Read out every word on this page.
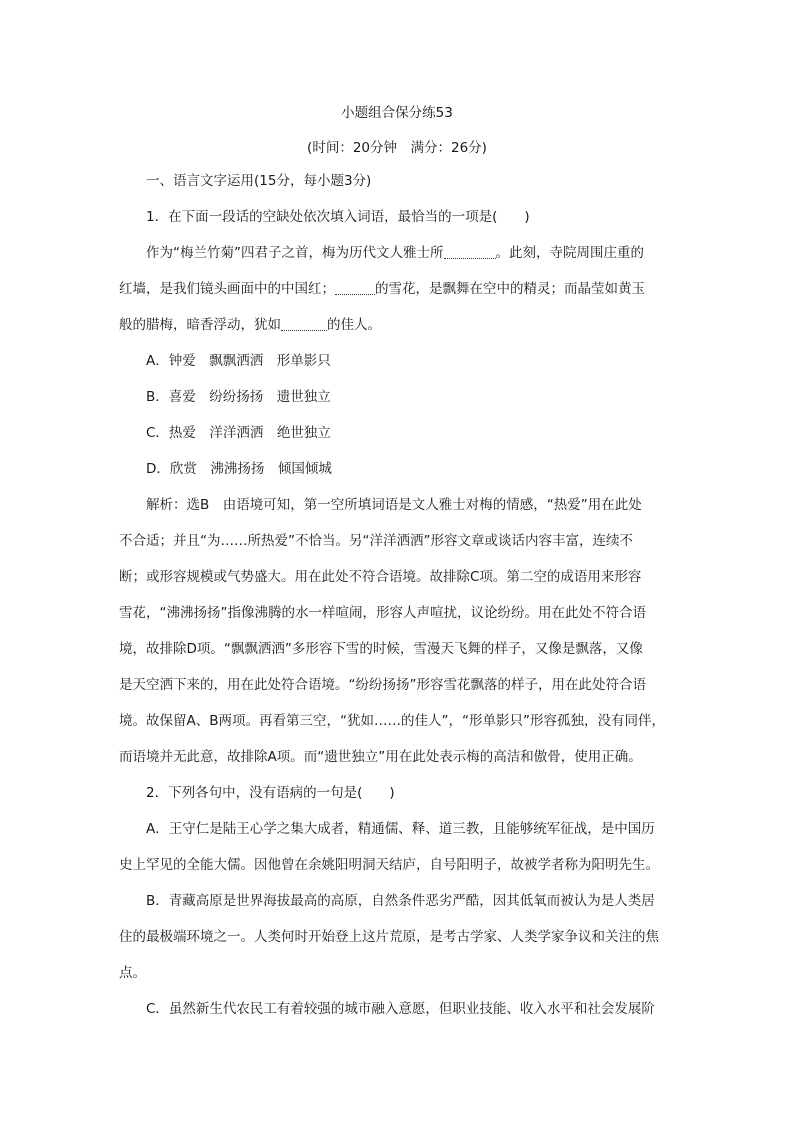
小题组合保分练53
(时间：20分钟　满分：26分)
一、语言文字运用(15分，每小题3分)
1．在下面一段话的空缺处依次填入词语，最恰当的一项是(　　)
作为“梅兰竹菊”四君子之首，梅为历代文人雅士所	。此刻，寺院周围庄重的
红墙，是我们镜头画面中的中国红；	的雪花，是飘舞在空中的精灵；而晶莹如黄玉
般的腊梅，暗香浮动，犹如	的佳人。
A．钟爱　飘飘洒洒　形单影只
B．喜爱　纷纷扬扬　遗世独立
C．热爱　洋洋洒洒　绝世独立
D．欣赏　沸沸扬扬　倾国倾城
解析：选B　由语境可知，第一空所填词语是文人雅士对梅的情感，“热爱”用在此处
不合适；并且“为……所热爱”不恰当。另“洋洋洒洒”形容文章或谈话内容丰富，连续不
断；或形容规模或气势盛大。用在此处不符合语境。故排除C项。第二空的成语用来形容
雪花，“沸沸扬扬”指像沸腾的水一样喧闹，形容人声喧扰，议论纷纷。用在此处不符合语
境，故排除D项。“飘飘洒洒”多形容下雪的时候，雪漫天飞舞的样子，又像是飘落，又像
是天空洒下来的，用在此处符合语境。“纷纷扬扬”形容雪花飘落的样子，用在此处符合语
境。故保留A、B两项。再看第三空，“犹如……的佳人”，“形单影只”形容孤独，没有同伴，
而语境并无此意，故排除A项。而“遗世独立”用在此处表示梅的高洁和傲骨，使用正确。
2．下列各句中，没有语病的一句是(　　)
A．王守仁是陆王心学之集大成者，精通儒、释、道三教，且能够统军征战，是中国历
史上罕见的全能大儒。因他曾在余姚阳明洞天结庐，自号阳明子，故被学者称为阳明先生。
B．青藏高原是世界海拔最高的高原，自然条件恶劣严酷，因其低氧而被认为是人类居
住的最极端环境之一。人类何时开始登上这片荒原，是考古学家、人类学家争议和关注的焦
点。
C．虽然新生代农民工有着较强的城市融入意愿，但职业技能、收入水平和社会发展阶
